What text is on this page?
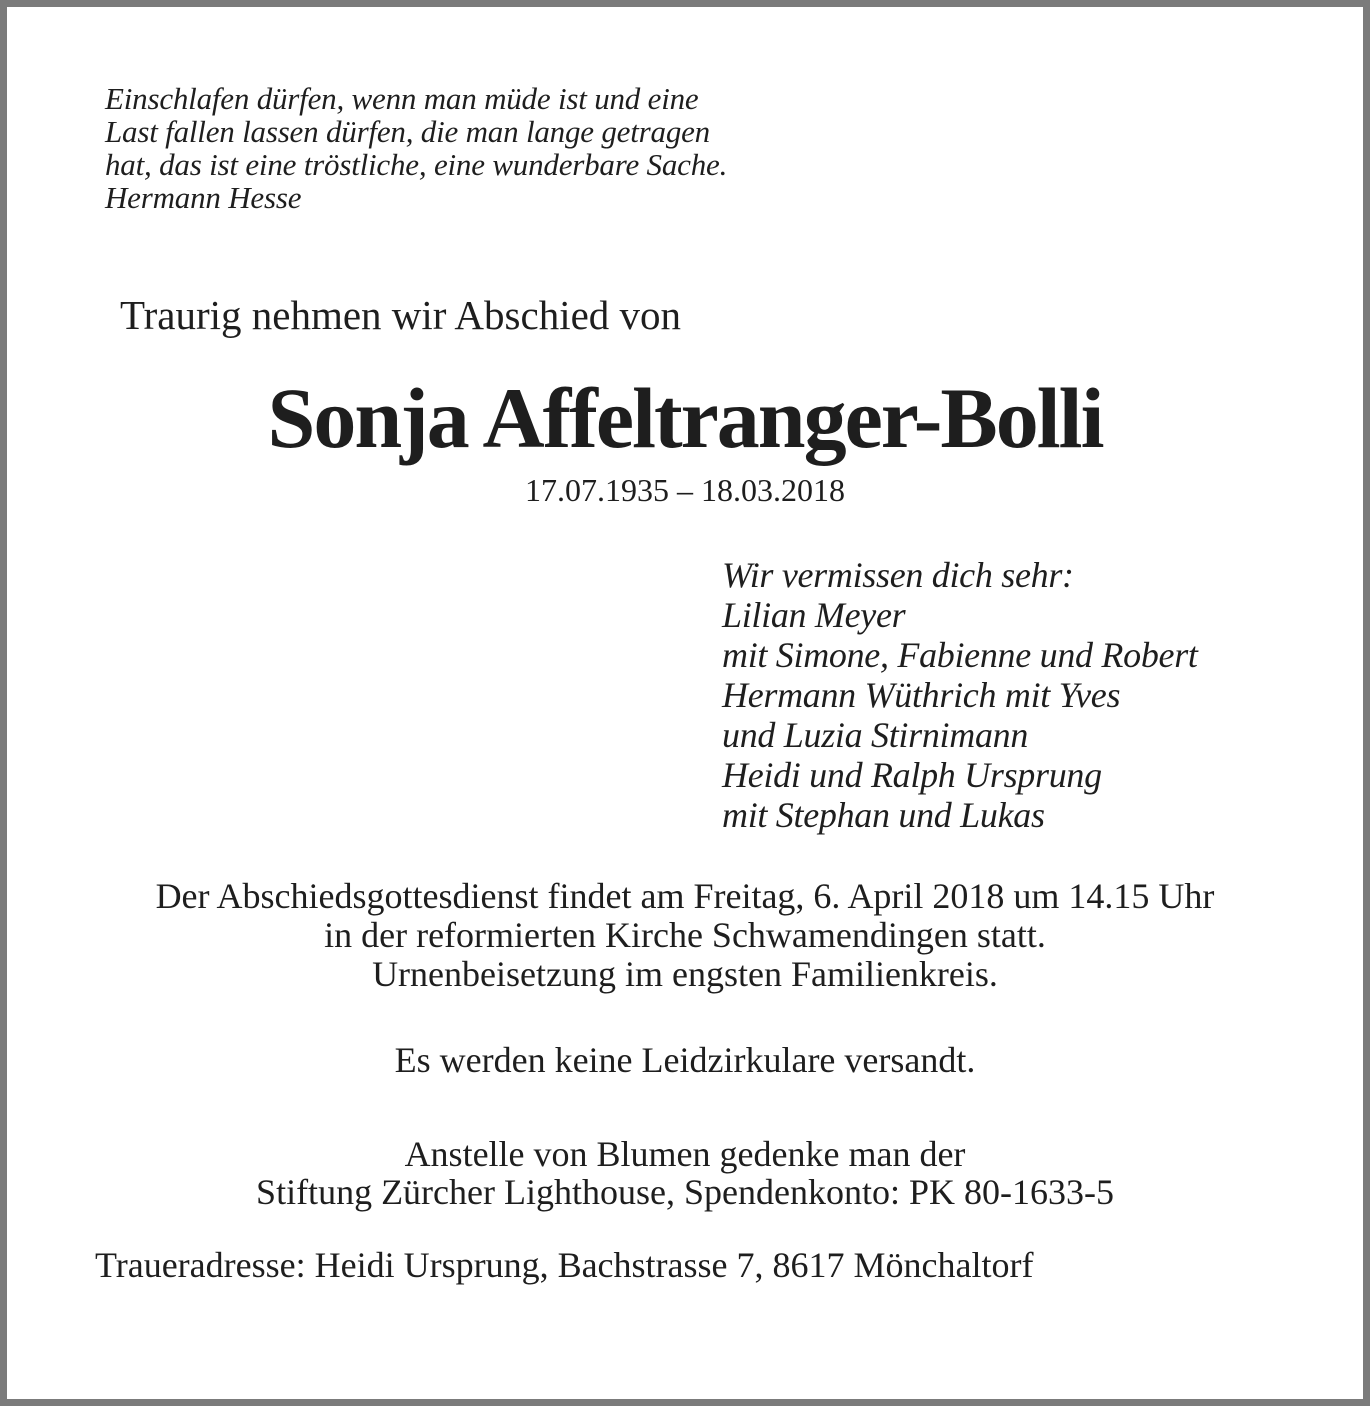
Einschlafen dürfen, wenn man müde ist und eine
Last fallen lassen dürfen, die man lange getragen
hat, das ist eine tröstliche, eine wunderbare Sache.
Hermann Hesse
Traurig nehmen wir Abschied von
Sonja Affeltranger-Bolli
17.07.1935 – 18.03.2018
Wir vermissen dich sehr:
Lilian Meyer
mit Simone, Fabienne und Robert
Hermann Wüthrich mit Yves
und Luzia Stirnimann
Heidi und Ralph Ursprung
mit Stephan und Lukas
Der Abschiedsgottesdienst findet am Freitag, 6. April 2018 um 14.15 Uhr
in der reformierten Kirche Schwamendingen statt.
Urnenbeisetzung im engsten Familienkreis.
Es werden keine Leidzirkulare versandt.
Anstelle von Blumen gedenke man der
Stiftung Zürcher Lighthouse, Spendenkonto: PK 80-1633-5
Traueradresse: Heidi Ursprung, Bachstrasse 7, 8617 Mönchaltorf
